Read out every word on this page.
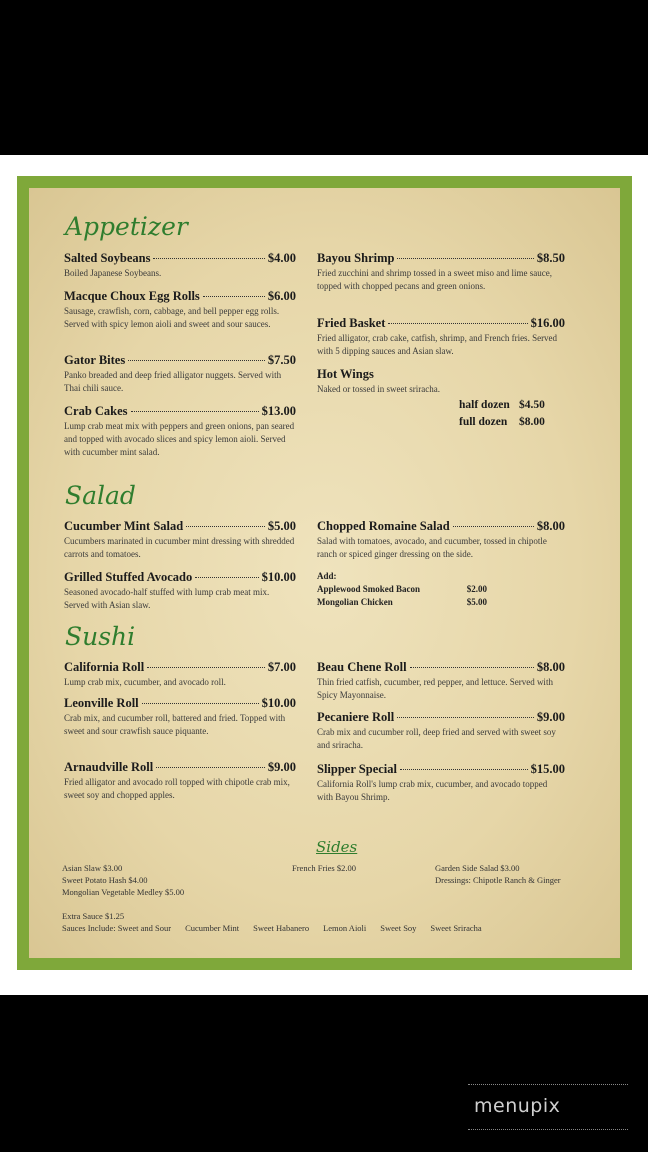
Appetizer
Salted Soybeans	$4.00
Boiled Japanese Soybeans.
Macque Choux Egg Rolls	$6.00
Sausage, crawfish, corn, cabbage, and bell pepper egg rolls. Served with spicy lemon aioli and sweet and sour sauces.
Gator Bites	$7.50
Panko breaded and deep fried alligator nuggets. Served with Thai chili sauce.
Crab Cakes	$13.00
Lump crab meat mix with peppers and green onions, pan seared and topped with avocado slices and spicy lemon aioli. Served with cucumber mint salad.
Bayou Shrimp	$8.50
Fried zucchini and shrimp tossed in a sweet miso and lime sauce, topped with chopped pecans and green onions.
Fried Basket	$16.00
Fried alligator, crab cake, catfish, shrimp, and French fries. Served with 5 dipping sauces and Asian slaw.
Hot Wings
Naked or tossed in sweet sriracha.
half dozen $4.50
full dozen $8.00
Salad
Cucumber Mint Salad	$5.00
Cucumbers marinated in cucumber mint dressing with shredded carrots and tomatoes.
Grilled Stuffed Avocado	$10.00
Seasoned avocado-half stuffed with lump crab meat mix. Served with Asian slaw.
Chopped Romaine Salad	$8.00
Salad with tomatoes, avocado, and cucumber, tossed in chipotle ranch or spiced ginger dressing on the side.
Add:
Applewood Smoked Bacon	$2.00
Mongolian Chicken	$5.00
Sushi
California Roll	$7.00
Lump crab mix, cucumber, and avocado roll.
Leonville Roll	$10.00
Crab mix, and cucumber roll, battered and fried. Topped with sweet and sour crawfish sauce piquante.
Arnaudville Roll	$9.00
Fried alligator and avocado roll topped with chipotle crab mix, sweet soy and chopped apples.
Beau Chene Roll	$8.00
Thin fried catfish, cucumber, red pepper, and lettuce. Served with Spicy Mayonnaise.
Pecaniere Roll	$9.00
Crab mix and cucumber roll, deep fried and served with sweet soy and sriracha.
Slipper Special	$15.00
California Roll's lump crab mix, cucumber, and avocado topped with Bayou Shrimp.
Sides
Asian Slaw $3.00
Sweet Potato Hash $4.00
Mongolian Vegetable Medley $5.00
French Fries $2.00	Garden Side Salad $3.00
Dressings: Chipotle Ranch & Ginger
Extra Sauce $1.25
Sauces Include: Sweet and Sour Cucumber Mint Sweet Habanero Lemon Aioli Sweet Soy Sweet Sriracha
menupix
